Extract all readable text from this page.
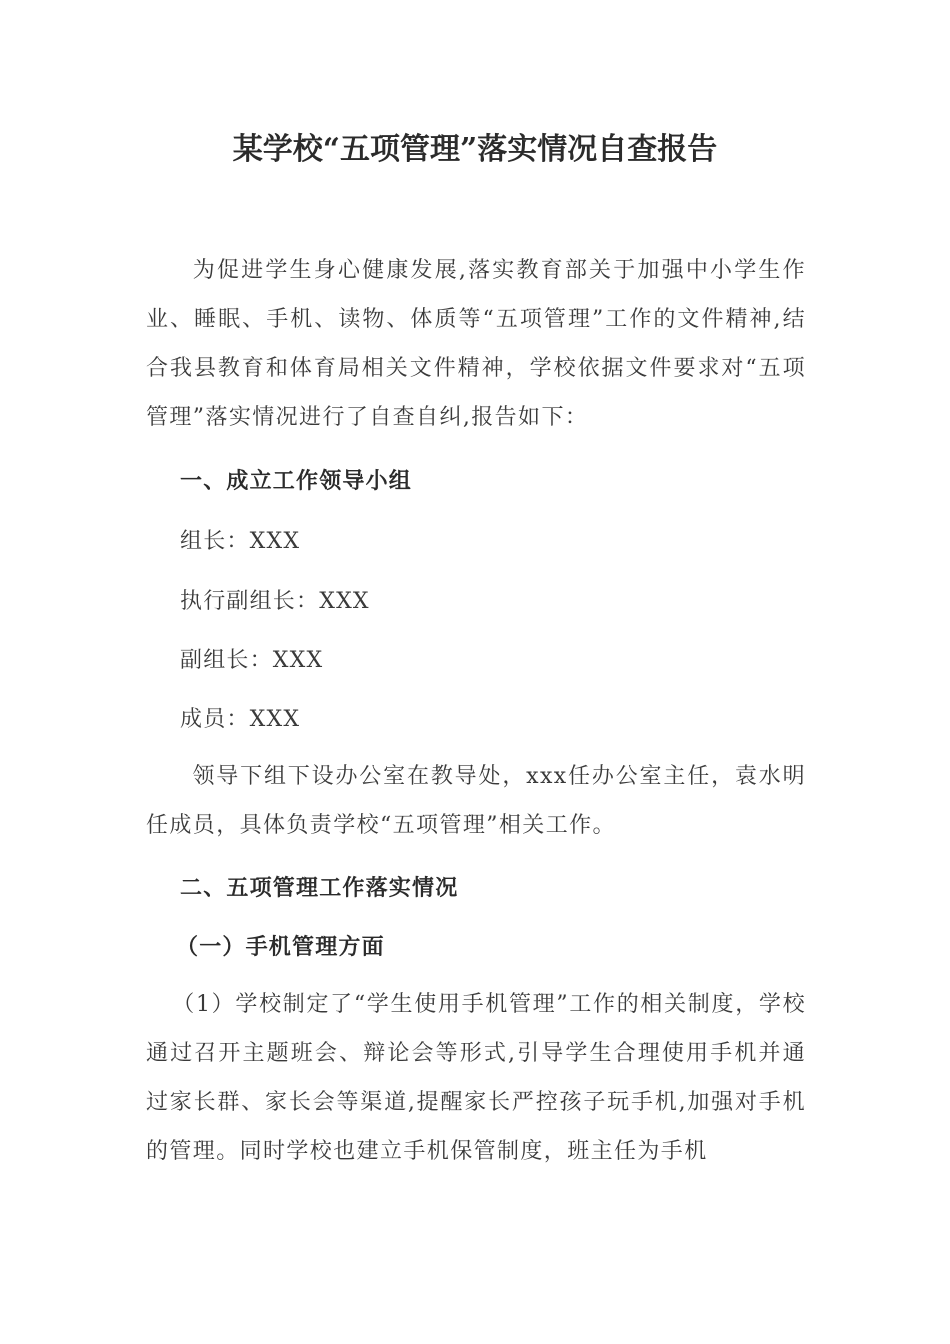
某学校“五项管理”落实情况自查报告
为促进学生身心健康发展,落实教育部关于加强中小学生作业、睡眠、手机、读物、体质等“五项管理”工作的文件精神,结合我县教育和体育局相关文件精神，学校依据文件要求对“五项管理”落实情况进行了自查自纠,报告如下：
一、成立工作领导小组
组长：XXX
执行副组长：XXX
副组长：XXX
成员：XXX
领导下组下设办公室在教导处，xxx任办公室主任，袁水明任成员，具体负责学校“五项管理”相关工作。
二、五项管理工作落实情况
（一）手机管理方面
（1）学校制定了“学生使用手机管理”工作的相关制度，学校通过召开主题班会、辩论会等形式,引导学生合理使用手机并通过家长群、家长会等渠道,提醒家长严控孩子玩手机,加强对手机的管理。同时学校也建立手机保管制度，班主任为手机
